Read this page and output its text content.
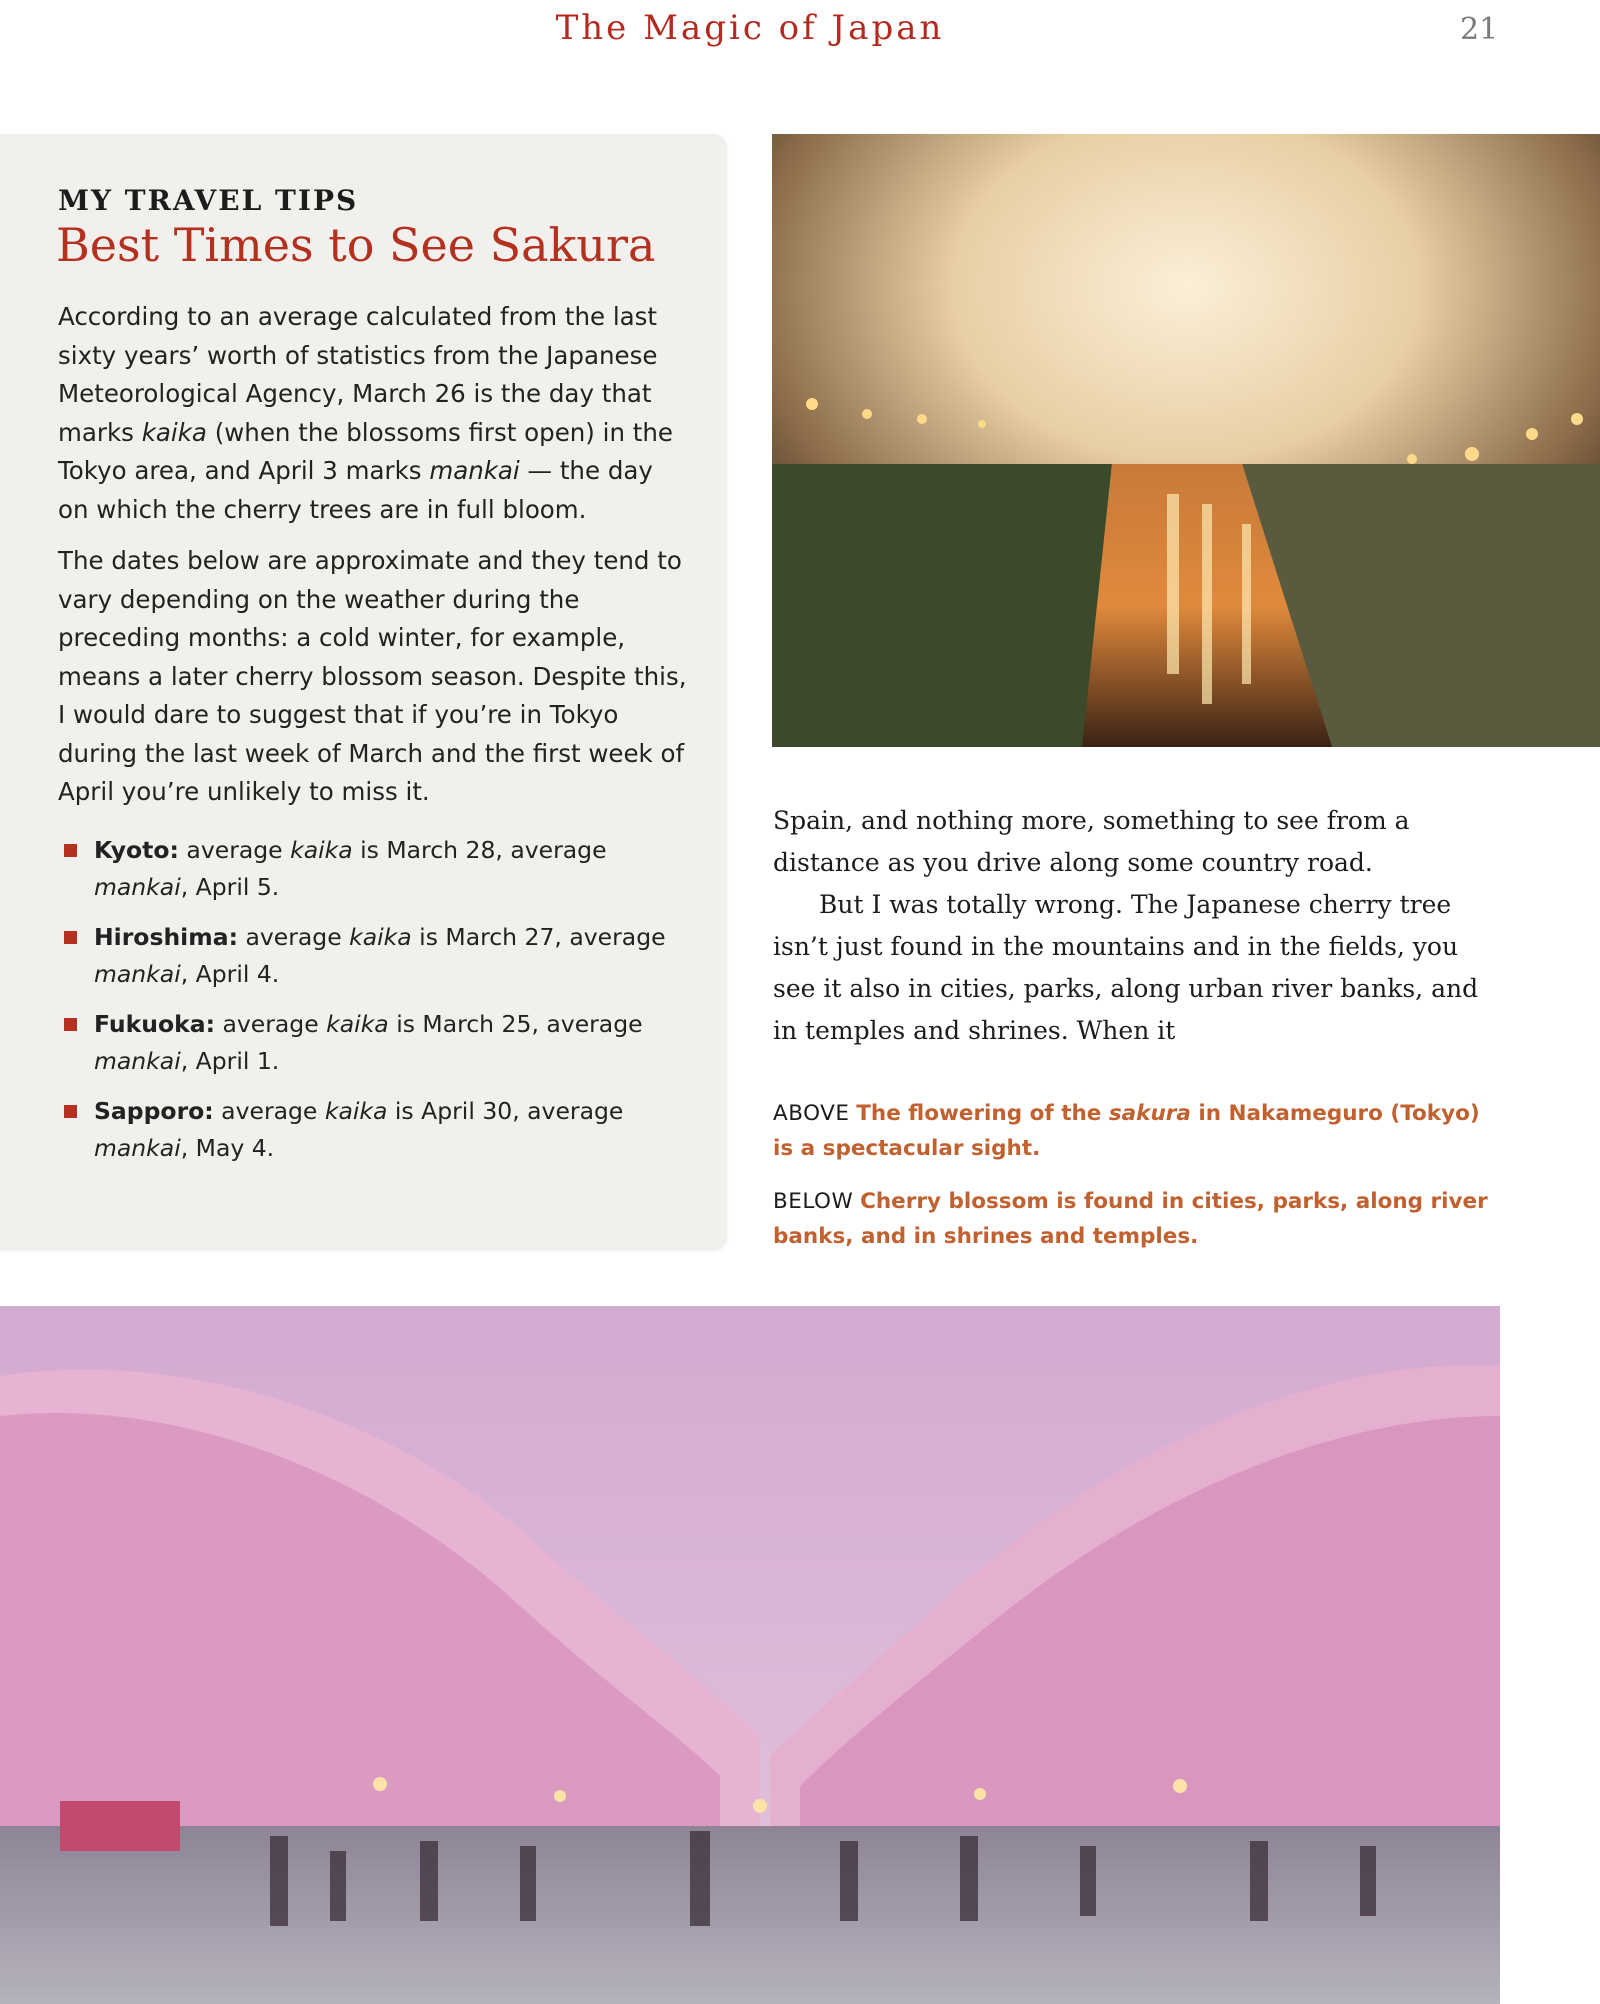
The Magic of Japan	21
MY TRAVEL TIPS
Best Times to See Sakura

According to an average calculated from the last sixty years’ worth of statistics from the Japanese Meteorological Agency, March 26 is the day that marks kaika (when the blossoms first open) in the Tokyo area, and April 3 marks mankai — the day on which the cherry trees are in full bloom.

The dates below are approximate and they tend to vary depending on the weather during the preceding months: a cold winter, for example, means a later cherry blossom season. Despite this, I would dare to suggest that if you’re in Tokyo during the last week of March and the first week of April you’re unlikely to miss it.

Kyoto: average kaika is March 28, average mankai, April 5.
Hiroshima: average kaika is March 27, average mankai, April 4.
Fukuoka: average kaika is March 25, average mankai, April 1.
Sapporo: average kaika is April 30, average mankai, May 4.

Spain, and nothing more, something to see from a distance as you drive along some country road.

But I was totally wrong. The Japanese cherry tree isn’t just found in the mountains and in the fields, you see it also in cities, parks, along urban river banks, and in temples and shrines. When it

ABOVE The flowering of the sakura in Nakameguro (Tokyo) is a spectacular sight.

BELOW Cherry blossom is found in cities, parks, along river banks, and in shrines and temples.
